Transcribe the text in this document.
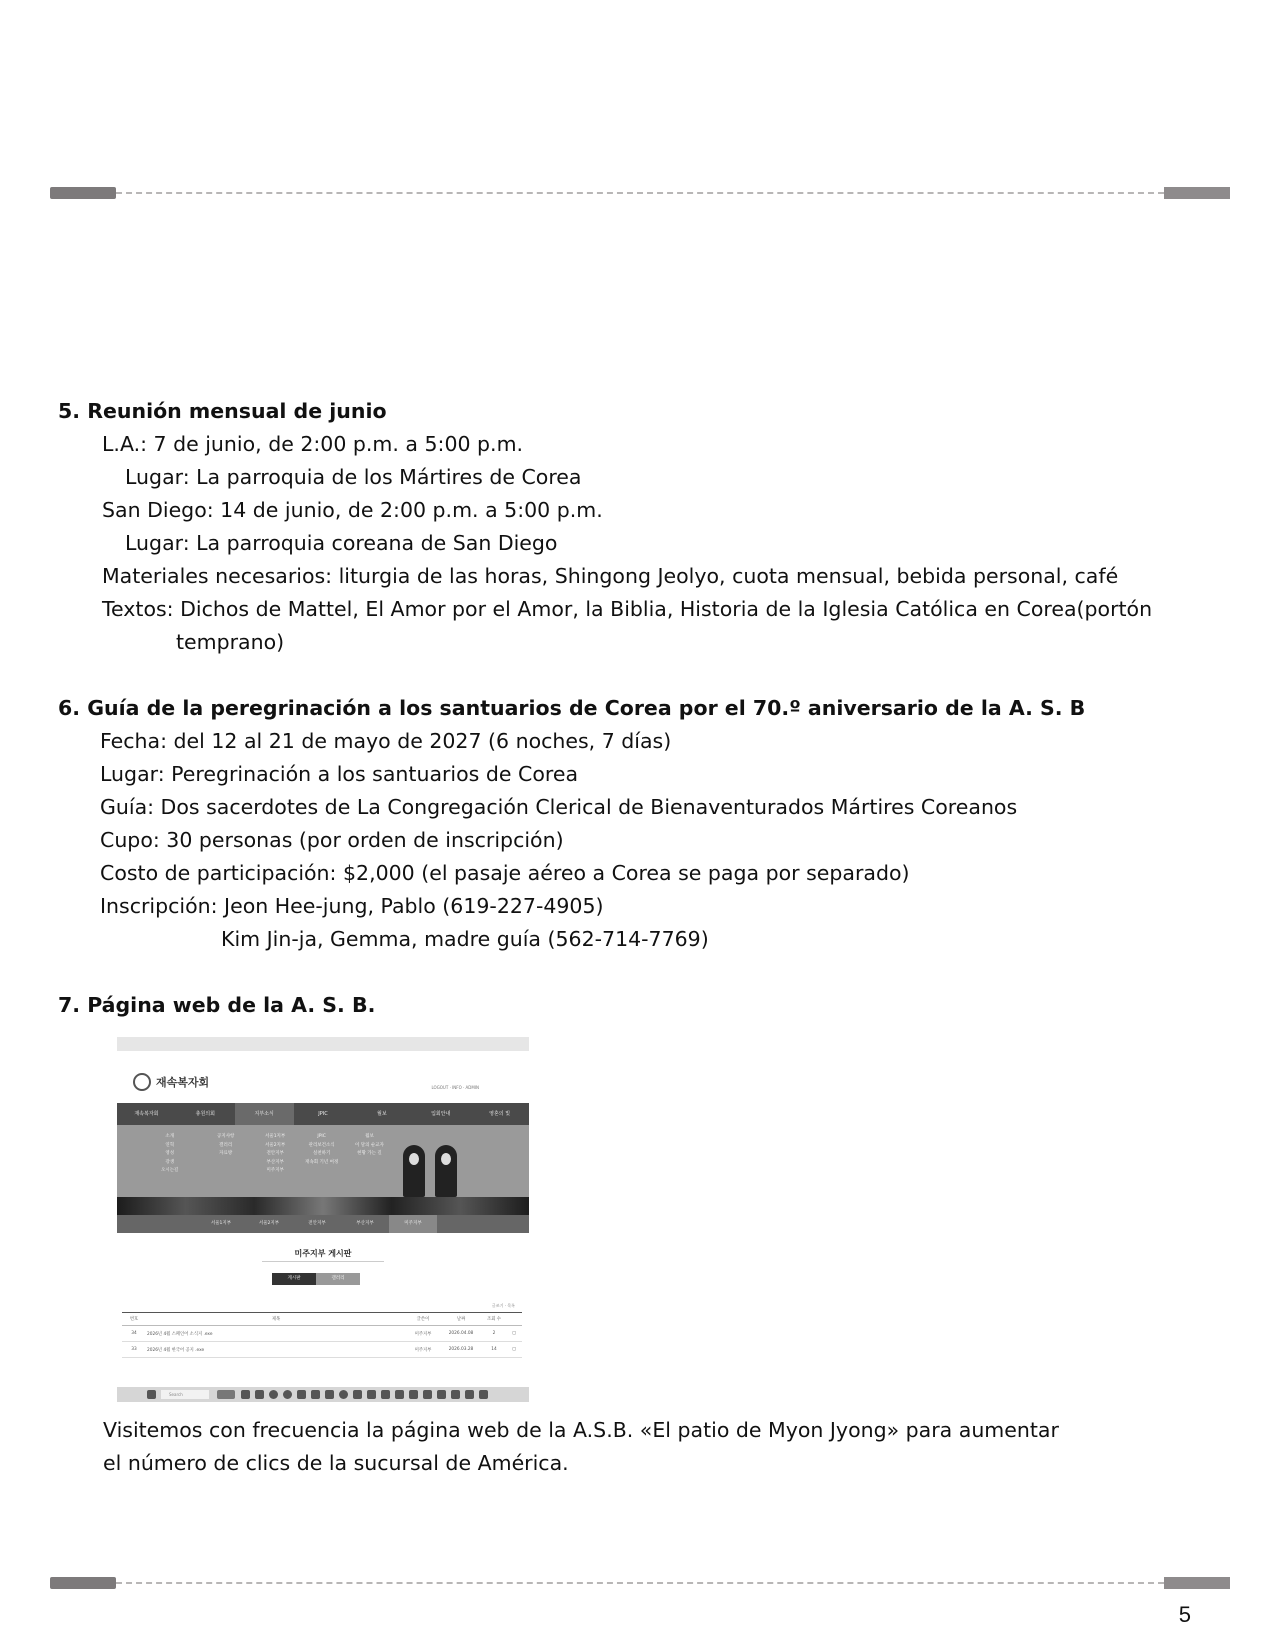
5. Reunión mensual de junio
L.A.: 7 de junio, de 2:00 p.m. a 5:00 p.m.
Lugar: La parroquia de los Mártires de Corea
San Diego: 14 de junio, de 2:00 p.m. a 5:00 p.m.
Lugar: La parroquia coreana de San Diego
Materiales necesarios: liturgia de las horas, Shingong Jeolyo, cuota mensual, bebida personal, café
Textos: Dichos de Mattel, El Amor por el Amor, la Biblia, Historia de la Iglesia Católica en Corea(portón
temprano)
6. Guía de la peregrinación a los santuarios de Corea por el 70.º aniversario de la A. S. B
Fecha: del 12 al 21 de mayo de 2027 (6 noches, 7 días)
Lugar: Peregrinación a los santuarios de Corea
Guía: Dos sacerdotes de La Congregación Clerical de Bienaventurados Mártires Coreanos
Cupo: 30 personas (por orden de inscripción)
Costo de participación: $2,000 (el pasaje aéreo a Corea se paga por separado)
Inscripción: Jeon Hee-jung, Pablo (619-227-4905)
Kim Jin-ja, Gemma, madre guía (562-714-7769)
7. Página web de la A. S. B.
재속복자회	LOGOUT · INFO · ADMIN
재속복자회	총원의회	지부소식	JPIC	월보	입회안내	영혼의 빛
소개
연혁
영성
강생
오시는길
공지사항
갤러리
자료방
서울1지부
서울2지부
전안지부
부산지부
미주지부
JPIC
관리보건소식
실천하기
재속회 기년 여정
월보
이 달의 순교자
현황 가는 길
서울1지부	서울2지부	전안지부	부산지부	미주지부
미주지부 게시판
게시판	갤러리
글쓰기 · 목록
번호	제목	글쓴이	날짜	조회 수	
34	2026년 4월 스페인어 소식지 .exe	미주지부	2026.04.08	2	▢
33	2026년 4월 한국어 공지 .exe	미주지부	2026.03.28	14	▢
Search
Visitemos con frecuencia la página web de la A.S.B. «El patio de Myon Jyong» para aumentar
el número de clics de la sucursal de América.
5
